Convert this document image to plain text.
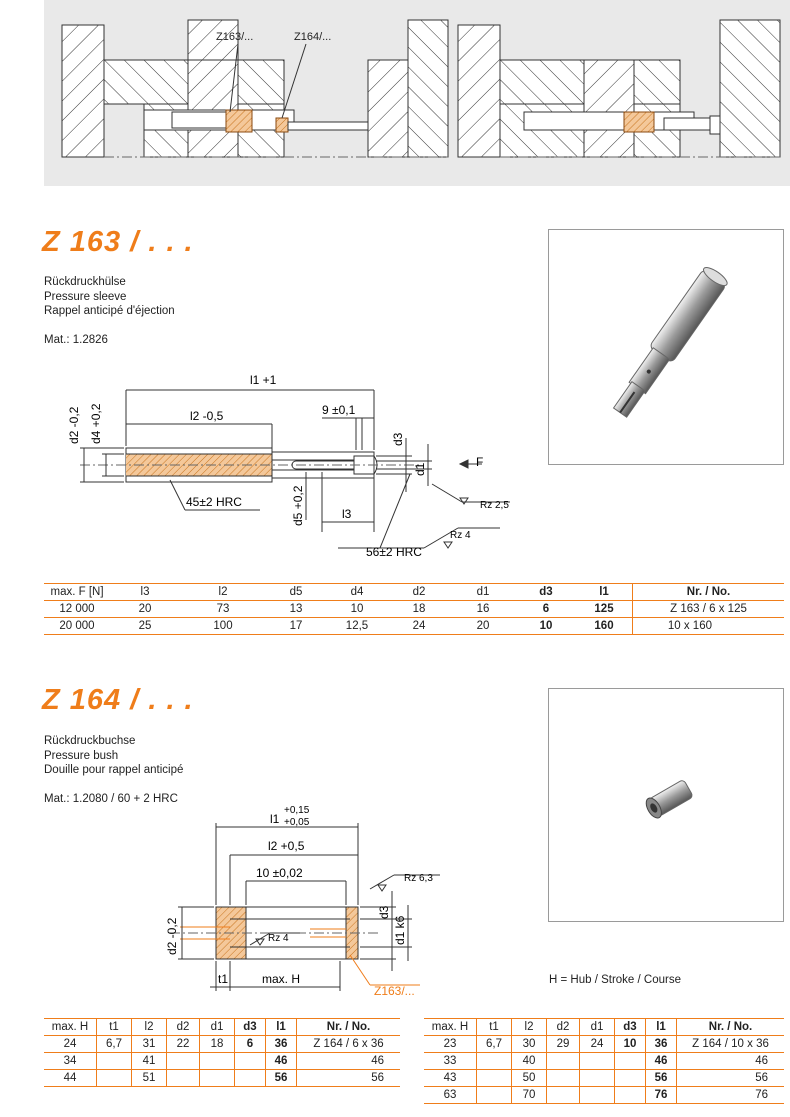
Z163/...	Z164/...
Z 163 / . . .
Rückdruckhülse
Pressure sleeve
Rappel anticipé d'éjection
Mat.: 1.2826
l1 +1
l2 -0,5	9 ±0,1
d2 -0,2 d4 +0,2	d3
d1
F
45±2 HRC	d5 +0,2	l3
Rz 2,5
Rz 4
56±2 HRC
max. F [N]	l3	l2	d5	d4	d2	d1	d3	l1	Nr. / No.
12 000	20	73	13	10	18	16	6	125	Z 163 / 6 x 125
20 000	25	100	17	12,5	24	20	10	160	10 x 160
Z 164 / . . .
Rückdruckbuchse
Pressure bush
Douille pour rappel anticipé
Mat.: 1.2080 / 60 + 2 HRC
+0,15
l1 +0,05
l2 +0,5
10 ±0,02	Rz 6,3
d3
d1 k6
d2 -0,2	Rz 4
t1	max. H
Z163/...
H = Hub / Stroke / Course
max. H	t1	l2	d2	d1	d3	l1	Nr. / No.
24	6,7	31	22	18	6	36	Z 164 / 6 x 36
34		41				46	46
44		51				56	56
max. H	t1	l2	d2	d1	d3	l1	Nr. / No.
23	6,7	30	29	24	10	36	Z 164 / 10 x 36
33		40				46	46
43		50				56	56
63		70				76	76
